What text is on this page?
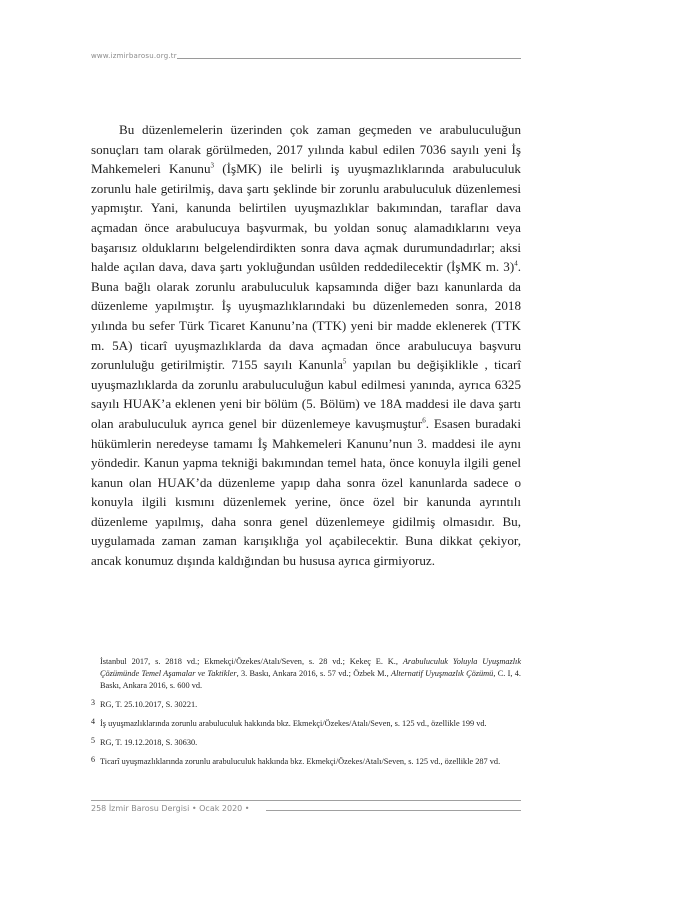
www.izmirbarosu.org.tr

Bu düzenlemelerin üzerinden çok zaman geçmeden ve arabuluculuğun sonuçları tam olarak görülmeden, 2017 yılında kabul edilen 7036 sayılı yeni İş Mahkemeleri Kanunu$^3$ (İşMK) ile belirli iş uyuşmazlıklarında arabuluculuk zorunlu hale getirilmiş, dava şartı şeklinde bir zorunlu arabuluculuk düzenlemesi yapmıştır. Yani, kanunda belirtilen uyuşmazlıklar bakımından, taraflar dava açmadan önce arabulucuya başvurmak, bu yoldan sonuç alamadıklarını veya başarısız olduklarını belgelendirdikten sonra dava açmak durumundadırlar; aksi halde açılan dava, dava şartı yokluğundan usûlden reddedilecektir (İşMK m. 3)$^4$. Buna bağlı olarak zorunlu arabuluculuk kapsamında diğer bazı kanunlarda da düzenleme yapılmıştır. İş uyuşmazlıklarındaki bu düzenlemeden sonra, 2018 yılında bu sefer Türk Ticaret Kanunu’na (TTK) yeni bir madde eklenerek (TTK m. 5A) ticarî uyuşmazlıklarda da dava açmadan önce arabulucuya başvuru zorunluluğu getirilmiştir. 7155 sayılı Kanunla$^5$ yapılan bu değişiklikle , ticarî uyuşmazlıklarda da zorunlu arabuluculuğun kabul edilmesi yanında, ayrıca 6325 sayılı HUAK’a eklenen yeni bir bölüm (5. Bölüm) ve 18A maddesi ile dava şartı olan arabuluculuk ayrıca genel bir düzenlemeye kavuşmuştur$^6$. Esasen buradaki hükümlerin neredeyse tamamı İş Mahkemeleri Kanunu’nun 3. maddesi ile aynı yöndedir. Kanun yapma tekniği bakımından temel hata, önce konuyla ilgili genel kanun olan HUAK’da düzenleme yapıp daha sonra özel kanunlarda sadece o konuyla ilgili kısmını düzenlemek yerine, önce özel bir kanunda ayrıntılı düzenleme yapılmış, daha sonra genel düzenlemeye gidilmiş olmasıdır. Bu, uygulamada zaman zaman karışıklığa yol açabilecektir. Buna dikkat çekiyor, ancak konumuz dışında kaldığından bu hususa ayrıca girmiyoruz.

İstanbul 2017, s. 2818 vd.; Ekmekçi/Özekes/Atalı/Seven, s. 28 vd.; Kekeç E. K., Arabuluculuk Yoluyla Uyuşmazlık Çözümünde Temel Aşamalar ve Taktikler, 3. Baskı, Ankara 2016, s. 57 vd.; Özbek M., Alternatif Uyuşmazlık Çözümü, C. I, 4. Baskı, Ankara 2016, s. 600 vd.
3 RG, T. 25.10.2017, S. 30221.
4 İş uyuşmazlıklarında zorunlu arabuluculuk hakkında bkz. Ekmekçi/Özekes/Atalı/Seven, s. 125 vd., özellikle 199 vd.
5 RG, T. 19.12.2018, S. 30630.
6 Ticarî uyuşmazlıklarında zorunlu arabuluculuk hakkında bkz. Ekmekçi/Özekes/Atalı/Seven, s. 125 vd., özellikle 287 vd.
258 İzmir Barosu Dergisi • Ocak 2020 •
